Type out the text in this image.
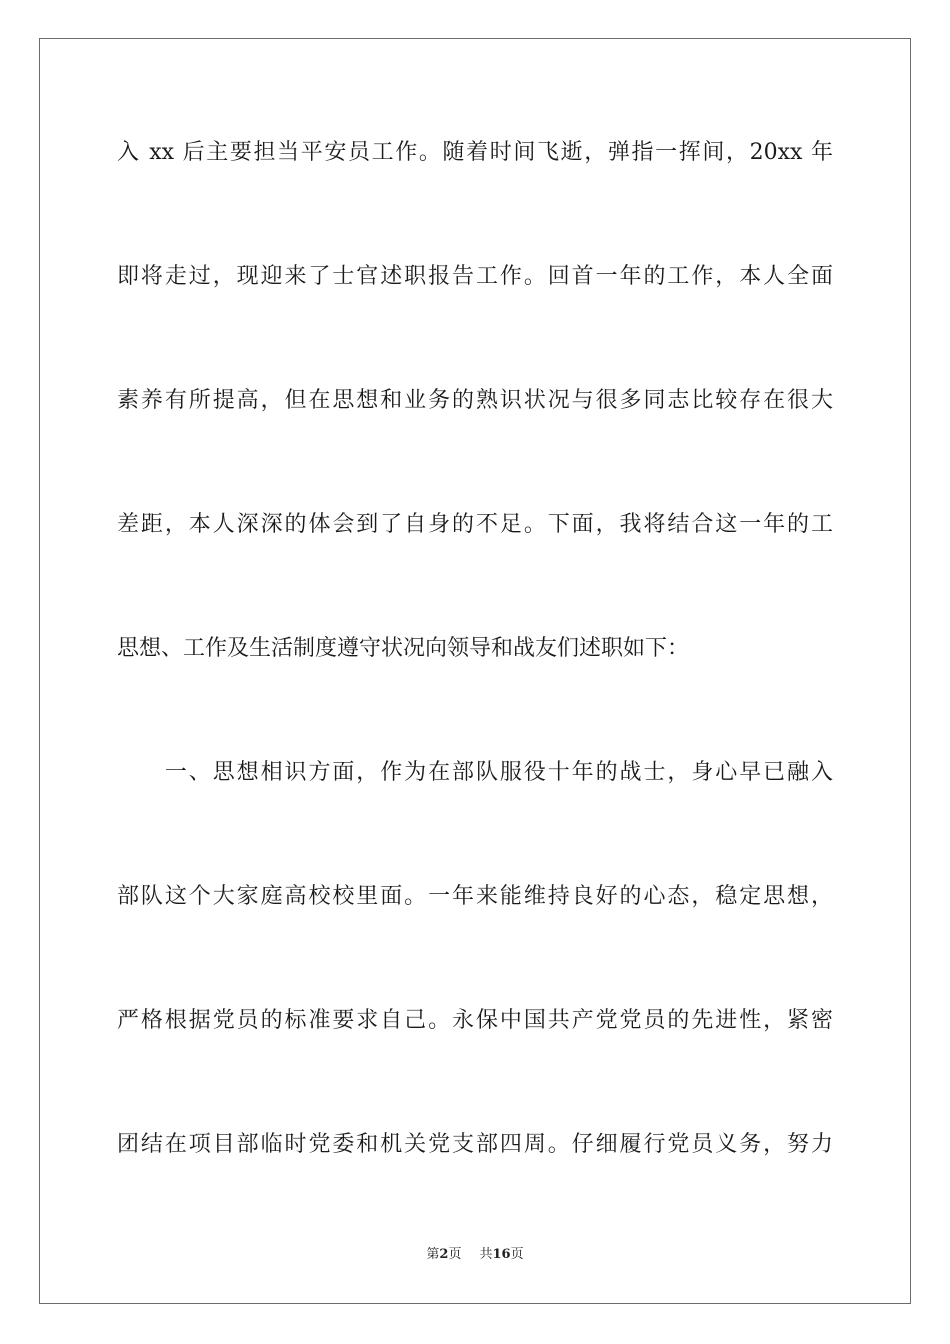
入 xx 后主要担当平安员工作。随着时间飞逝，弹指一挥间，20xx 年
即将走过，现迎来了士官述职报告工作。回首一年的工作，本人全面
素养有所提高，但在思想和业务的熟识状况与很多同志比较存在很大
差距，本人深深的体会到了自身的不足。下面，我将结合这一年的工
思想、工作及生活制度遵守状况向领导和战友们述职如下：
　　一、思想相识方面，作为在部队服役十年的战士，身心早已融入
部队这个大家庭高校校里面。一年来能维持良好的心态，稳定思想，
严格根据党员的标准要求自己。永保中国共产党党员的先进性，紧密
团结在项目部临时党委和机关党支部四周。仔细履行党员义务，努力
第2页 共16页
